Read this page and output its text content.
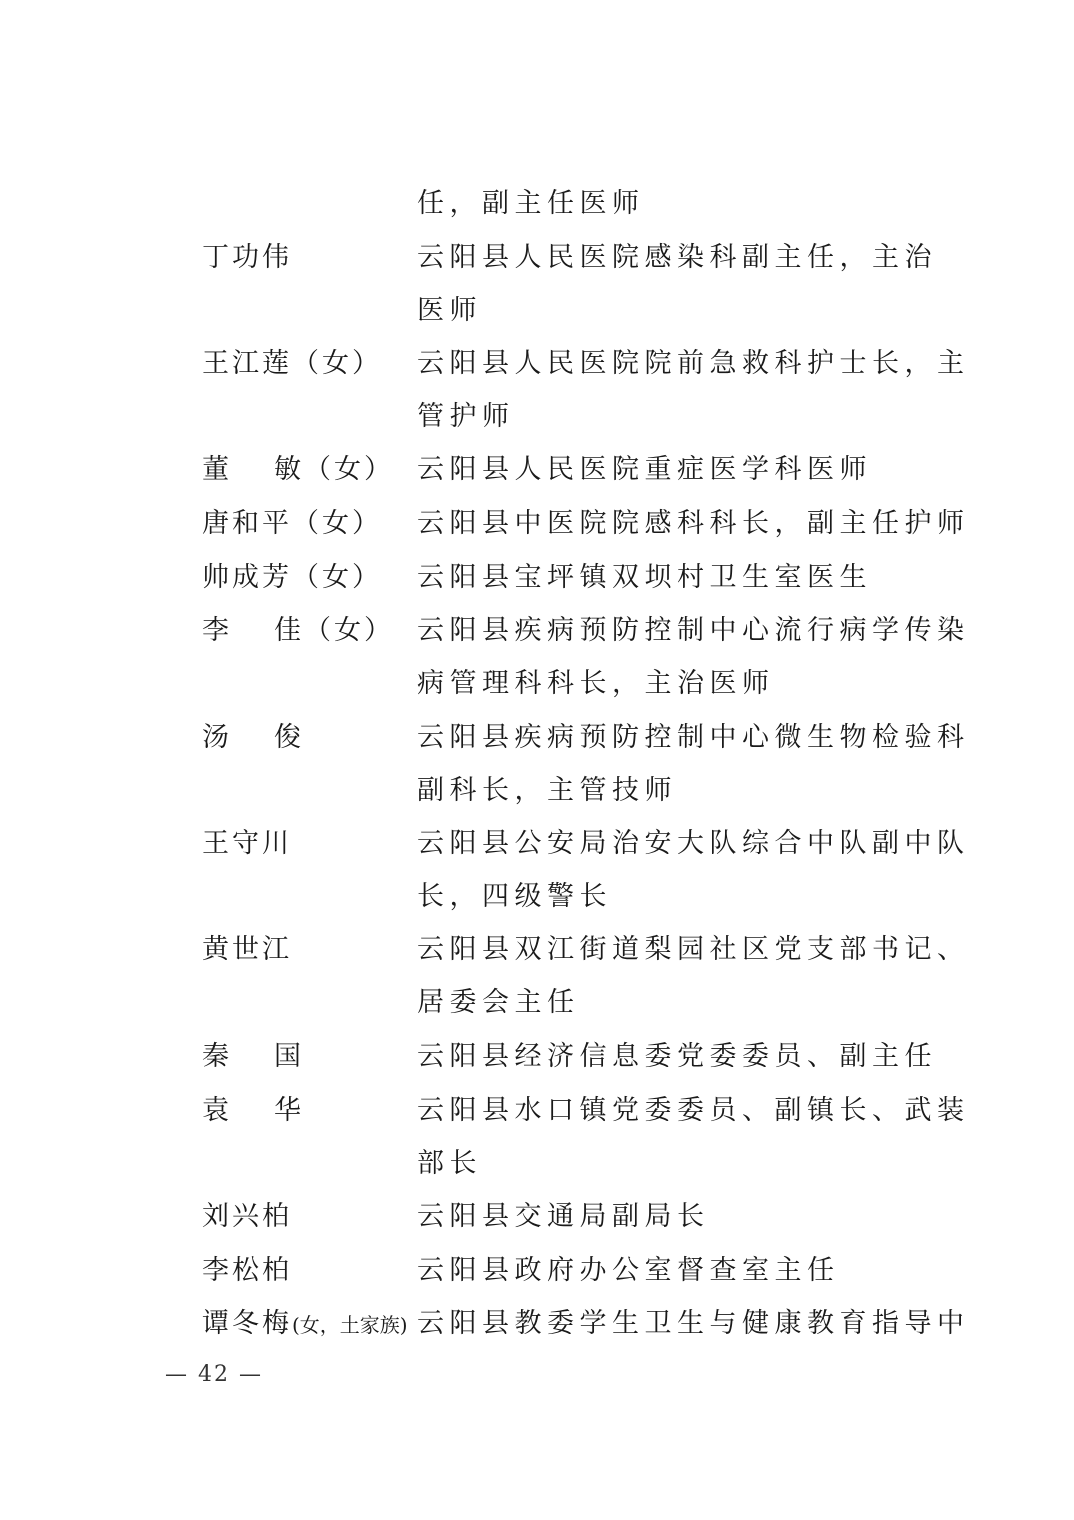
任，副主任医师
丁功伟	云阳县人民医院感染科副主任，主治
医师
王江莲（女）	云阳县人民医院院前急救科护士长，主
管护师
董 敏（女） 云阳县人民医院重症医学科医师
唐和平（女）	云阳县中医院院感科科长，副主任护师
帅成芳（女）	云阳县宝坪镇双坝村卫生室医生
李 佳（女） 云阳县疾病预防控制中心流行病学传染
病管理科科长，主治医师
汤 俊	云阳县疾病预防控制中心微生物检验科
副科长，主管技师
王守川	云阳县公安局治安大队综合中队副中队
长，四级警长
黄世江	云阳县双江街道梨园社区党支部书记、
居委会主任
秦 国	云阳县经济信息委党委委员、副主任
袁 华	云阳县水口镇党委委员、副镇长、武装
部长
刘兴柏	云阳县交通局副局长
李松柏	云阳县政府办公室督查室主任
谭冬梅(女，土家族) 云阳县教委学生卫生与健康教育指导中
— 42 —
